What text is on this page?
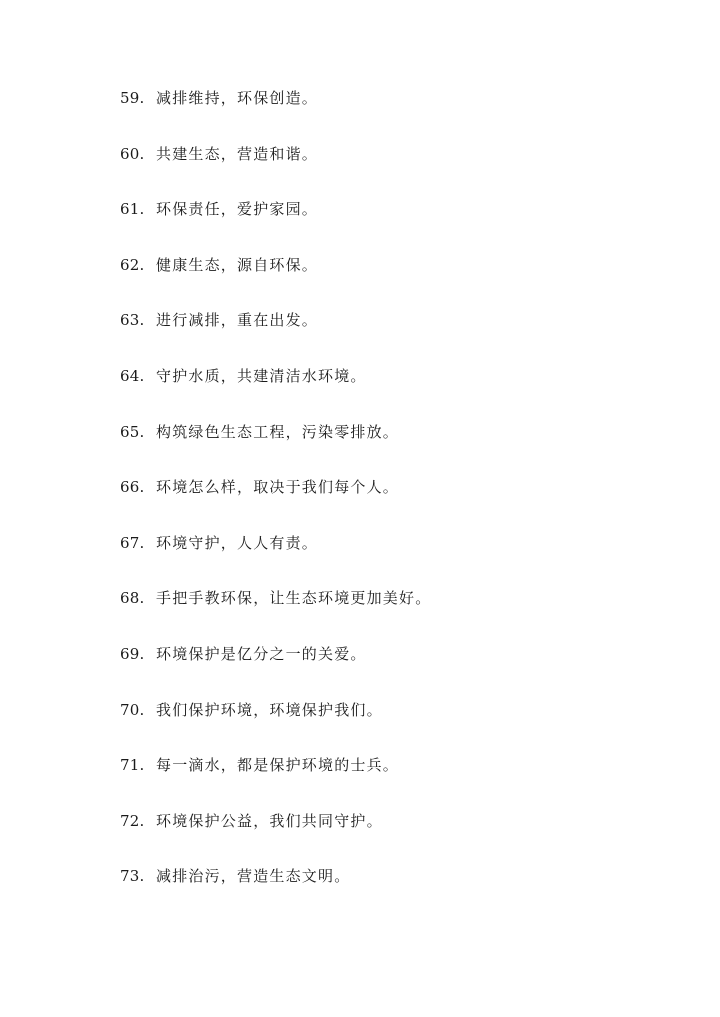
59. 减排维持，环保创造。
60. 共建生态，营造和谐。
61. 环保责任，爱护家园。
62. 健康生态，源自环保。
63. 进行减排，重在出发。
64. 守护水质，共建清洁水环境。
65. 构筑绿色生态工程，污染零排放。
66. 环境怎么样，取决于我们每个人。
67. 环境守护，人人有责。
68. 手把手教环保，让生态环境更加美好。
69. 环境保护是亿分之一的关爱。
70. 我们保护环境，环境保护我们。
71. 每一滴水，都是保护环境的士兵。
72. 环境保护公益，我们共同守护。
73. 减排治污，营造生态文明。
